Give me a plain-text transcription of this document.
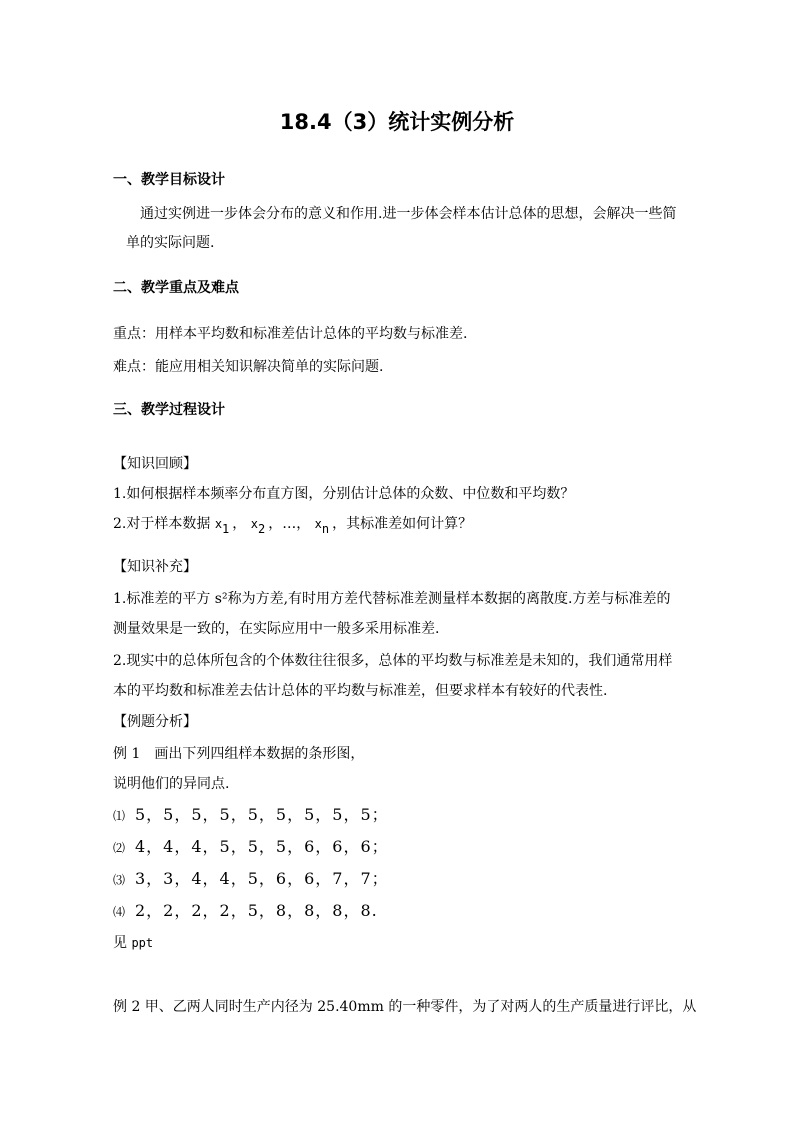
18.4（3）统计实例分析
一、教学目标设计
通过实例进一步体会分布的意义和作用.进一步体会样本估计总体的思想，会解决一些简
单的实际问题.
二、教学重点及难点
重点：用样本平均数和标准差估计总体的平均数与标准差.
难点：能应用相关知识解决简单的实际问题.
三、教学过程设计
【知识回顾】
1.如何根据样本频率分布直方图，分别估计总体的众数、中位数和平均数？
2.对于样本数据 x1 ， x2 ，…， xn ，其标准差如何计算？
【知识补充】
1.标准差的平方 s²称为方差,有时用方差代替标准差测量样本数据的离散度.方差与标准差的
测量效果是一致的，在实际应用中一般多采用标准差.
2.现实中的总体所包含的个体数往往很多，总体的平均数与标准差是未知的，我们通常用样
本的平均数和标准差去估计总体的平均数与标准差，但要求样本有较好的代表性.
【例题分析】
例 1　画出下列四组样本数据的条形图，
说明他们的异同点.
⑴ 5，5，5，5，5，5，5，5，5；
⑵ 4，4，4，5，5，5，6，6，6；
⑶ 3，3，4，4，5，6，6，7，7；
⑷ 2，2，2，2，5，8，8，8，8.
见 ppt
例 2 甲、乙两人同时生产内径为 25.40mm 的一种零件，为了对两人的生产质量进行评比，从
